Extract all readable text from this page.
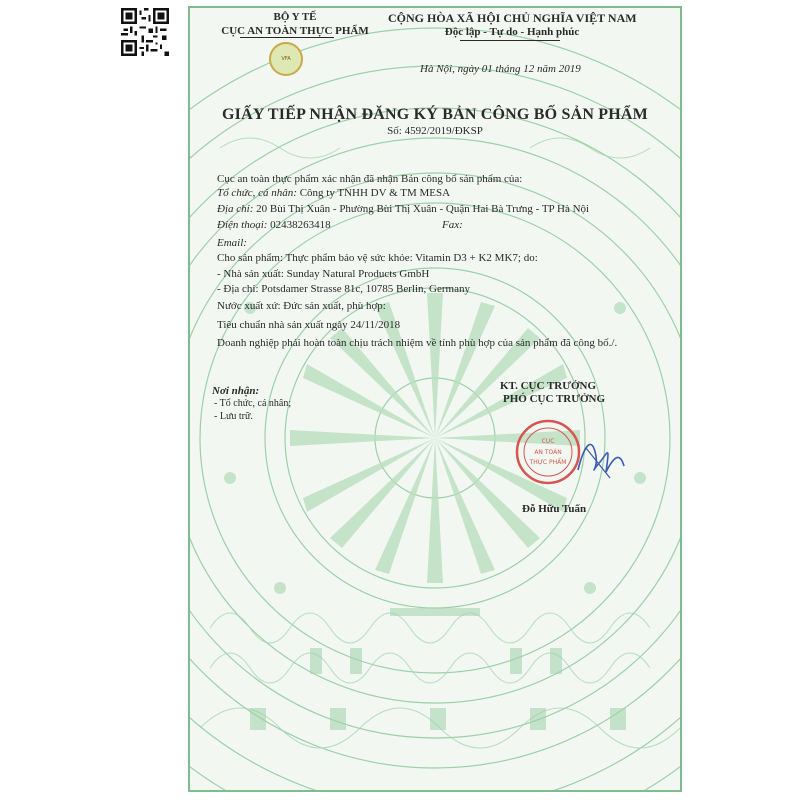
BỘ Y TẾ
CỤC AN TOÀN THỰC PHẨM
VFA
CỘNG HÒA XÃ HỘI CHỦ NGHĨA VIỆT NAM
Độc lập - Tự do - Hạnh phúc
Hà Nội, ngày 01 tháng 12 năm 2019
GIẤY TIẾP NHẬN ĐĂNG KÝ BẢN CÔNG BỐ SẢN PHẨM
Số: 4592/2019/ĐKSP
Cục an toàn thực phẩm xác nhận đã nhận Bản công bố sản phẩm của:
Tổ chức, cá nhân: Công ty TNHH DV & TM MESA
Địa chỉ: 20 Bùi Thị Xuân - Phường Bùi Thị Xuân - Quận Hai Bà Trưng - TP Hà Nội
Điện thoại: 02438263418	Fax:
Email:
Cho sản phẩm: Thực phẩm bảo vệ sức khỏe: Vitamin D3 + K2 MK7; do:
- Nhà sản xuất: Sunday Natural Products GmbH
- Địa chỉ: Potsdamer Strasse 81c, 10785 Berlin, Germany
Nước xuất xứ: Đức sản xuất, phù hợp:
Tiêu chuẩn nhà sản xuất ngày 24/11/2018
Doanh nghiệp phải hoàn toàn chịu trách nhiệm về tính phù hợp của sản phẩm đã công bố./.
Nơi nhận:
- Tổ chức, cá nhân;
- Lưu trữ.
KT. CỤC TRƯỞNG
PHÓ CỤC TRƯỞNG
CỤC
AN TOÀN
THỰC PHẨM
Đỗ Hữu Tuấn
